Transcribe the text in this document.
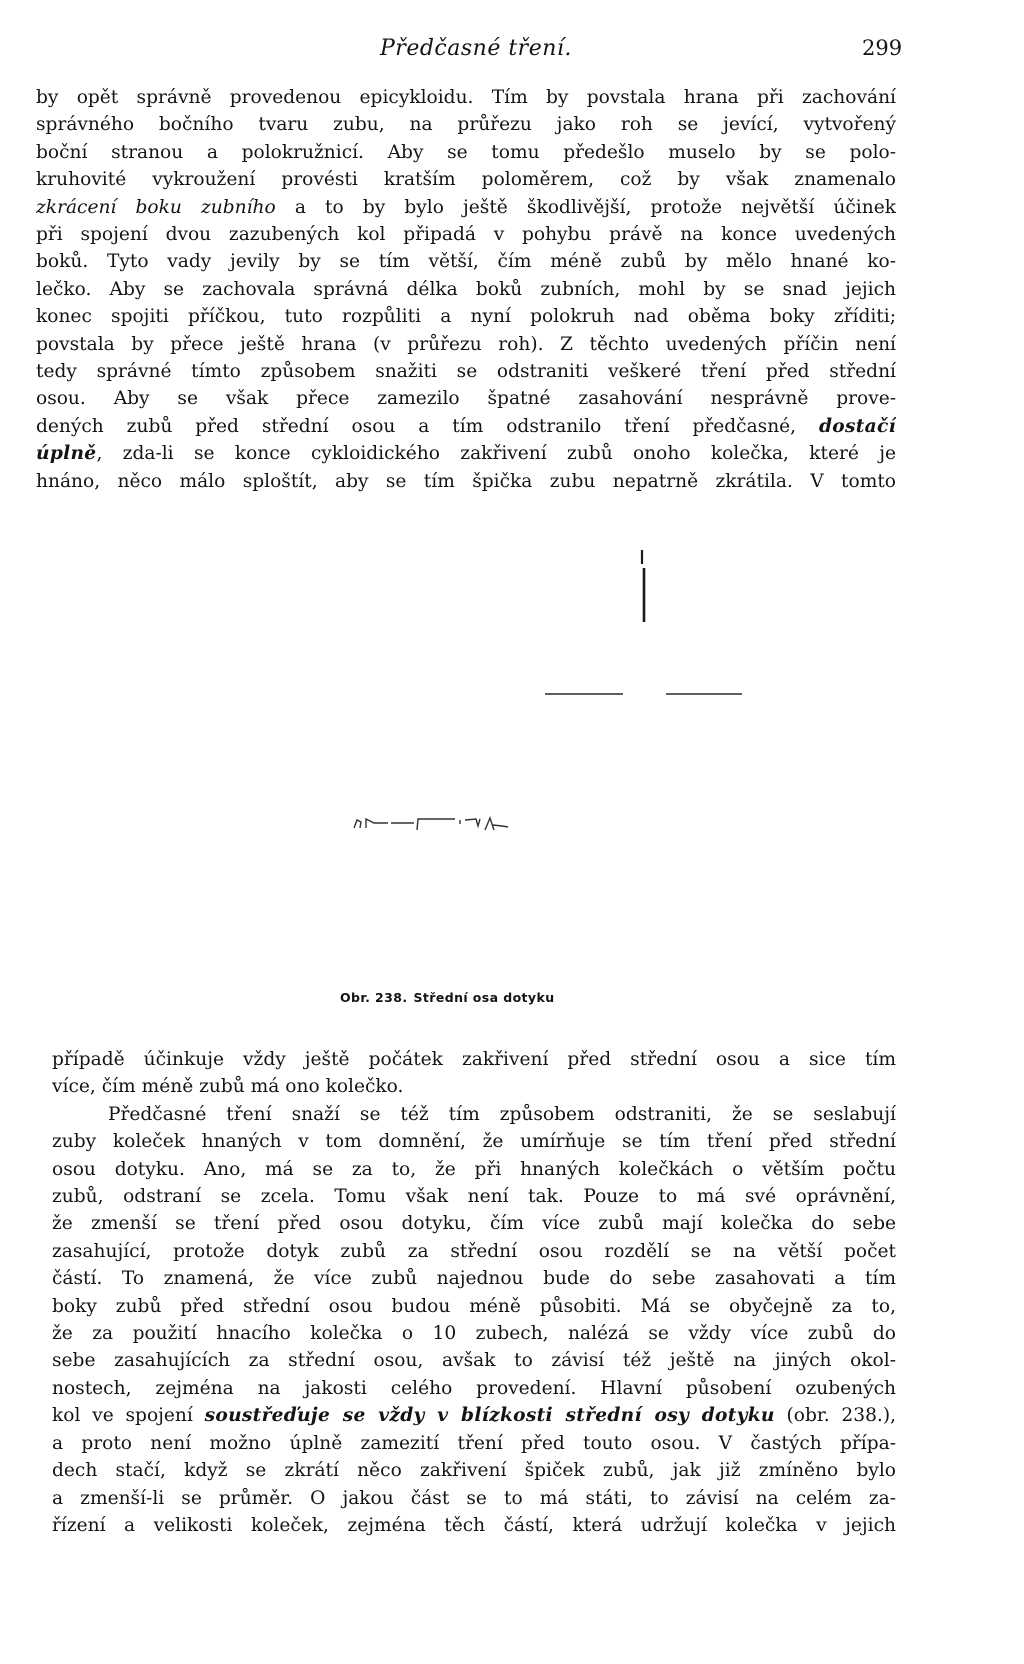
Předčasné tření.	299
by opět správně provedenou epicykloidu. Tím by povstala hrana při zachování
správného bočního tvaru zubu, na průřezu jako roh se jevící, vytvořený
boční stranou a polokružnicí. Aby se tomu předešlo muselo by se polo-
kruhovité vykroužení provésti kratším poloměrem, což by však znamenalo
zkrácení boku zubního a to by bylo ještě škodlivější, protože největší účinek
při spojení dvou zazubených kol připadá v pohybu právě na konce uvedených
boků. Tyto vady jevily by se tím větší, čím méně zubů by mělo hnané ko-
lečko. Aby se zachovala správná délka boků zubních, mohl by se snad jejich
konec spojiti příčkou, tuto rozpůliti a nyní polokruh nad oběma boky zříditi;
povstala by přece ještě hrana (v průřezu roh). Z těchto uvedených příčin není
tedy správné tímto způsobem snažiti se odstraniti veškeré tření před střední
osou. Aby se však přece zamezilo špatné zasahování nesprávně prove-
dených zubů před střední osou a tím odstranilo tření předčasné, dostačí
úplně, zda-li se konce cykloidického zakřivení zubů onoho kolečka, které je
hnáno, něco málo sploštít, aby se tím špička zubu nepatrně zkrátila. V tomto
Obr. 238. Střední osa dotyku
případě účinkuje vždy ještě počátek zakřivení před střední osou a sice tím
více, čím méně zubů má ono kolečko.
Předčasné tření snaží se též tím způsobem odstraniti, že se seslabují
zuby koleček hnaných v tom domnění, že umírňuje se tím tření před střední
osou dotyku. Ano, má se za to, že při hnaných kolečkách o větším počtu
zubů, odstraní se zcela. Tomu však není tak. Pouze to má své oprávnění,
že zmenší se tření před osou dotyku, čím více zubů mají kolečka do sebe
zasahující, protože dotyk zubů za střední osou rozdělí se na větší počet
částí. To znamená, že více zubů najednou bude do sebe zasahovati a tím
boky zubů před střední osou budou méně působiti. Má se obyčejně za to,
že za použití hnacího kolečka o 10 zubech, nalézá se vždy více zubů do
sebe zasahujících za střední osou, avšak to závisí též ještě na jiných okol-
nostech, zejména na jakosti celého provedení. Hlavní působení ozubených
kol ve spojení soustřeďuje se vždy v blízkosti střední osy dotyku (obr. 238.),
a proto není možno úplně zamezití tření před touto osou. V častých přípa-
dech stačí, když se zkrátí něco zakřivení špiček zubů, jak již zmíněno bylo
a zmenší-li se průměr. O jakou část se to má státi, to závisí na celém za-
řízení a velikosti koleček, zejména těch částí, která udržují kolečka v jejich
